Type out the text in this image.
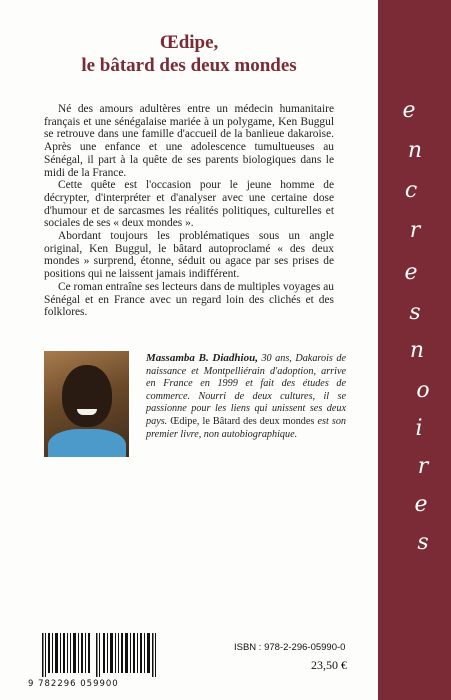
Œdipe,
le bâtard des deux mondes

Né des amours adultères entre un médecin humanitaire français et une sénégalaise mariée à un polygame, Ken Buggul se retrouve dans une famille d'accueil de la banlieue dakaroise. Après une enfance et une adolescence tumultueuses au Sénégal, il part à la quête de ses parents biologiques dans le midi de la France.

Cette quête est l'occasion pour le jeune homme de décrypter, d'interpréter et d'analyser avec une certaine dose d'humour et de sarcasmes les réalités politiques, culturelles et sociales de ses « deux mondes ».

Abordant toujours les problématiques sous un angle original, Ken Buggul, le bâtard autoproclamé « des deux mondes » surprend, étonne, séduit ou agace par ses prises de positions qui ne laissent jamais indifférent.

Ce roman entraîne ses lecteurs dans de multiples voyages au Sénégal et en France avec un regard loin des clichés et des folklores.

Massamba B. Diadhiou, 30 ans, Dakarois de naissance et Montpelliérain d'adoption, arrive en France en 1999 et fait des études de commerce. Nourri de deux cultures, il se passionne pour les liens qui unissent ses deux pays. Œdipe, le Bâtard des deux mondes est son premier livre, non autobiographique.
9 782296 059900
ISBN : 978-2-296-05990-0
23,50 €
e
n
c
r
e
s
n
o
i
r
e
s
